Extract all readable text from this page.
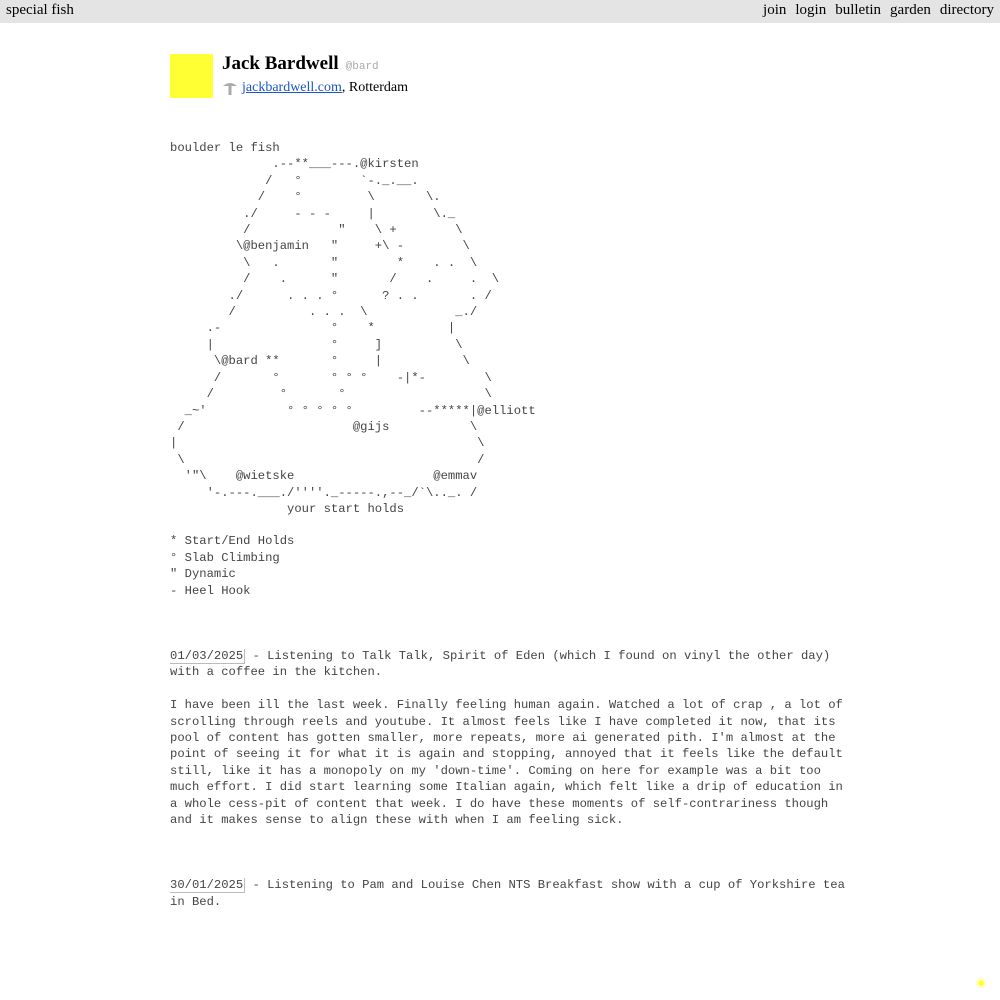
special fish	join login bulletin garden directory
Jack Bardwell @bard
jackbardwell.com ,
Rotterdam
boulder le fish
.--**___---.@kirsten
/   °        `-._.__.
/    °         \       \.
./     - - -     |        \._
/            "    \ +        \
\@benjamin   "     +\ -        \
\   .       "        *    . .  \
/    .      "       /    .     .  \
./      . . . °      ? . .       . /
/          . . .  \            _./
.-               °    *          |
|                °     ]          \
\@bard **       °     |           \
/       °       ° ° °    -|*-        \
/         °       °                   \
_~'           ° ° ° ° °         --*****|@elliott
/                       @gijs           \
|                                         \
\                                        /
'"\    @wietske                   @emmav
'-.---.___./''''._-----.,--_/`\.._. /
your start holds
* Start/End Holds
° Slab Climbing
" Dynamic
- Heel Hook

01/03/2025 - Listening to Talk Talk, Spirit of Eden (which I found on vinyl the other day) with a coffee in the kitchen.

I have been ill the last week. Finally feeling human again. Watched a lot of crap , a lot of scrolling through reels and youtube. It almost feels like I have completed it now, that its pool of content has gotten smaller, more repeats, more ai generated pith. I'm almost at the point of seeing it for what it is again and stopping, annoyed that it feels like the default still, like it has a monopoly on my 'down-time'. Coming on here for example was a bit too much effort. I did start learning some Italian again, which felt like a drip of education in a whole cess-pit of content that week. I do have these moments of self-contrariness though and it makes sense to align these with when I am feeling sick.

30/01/2025 - Listening to Pam and Louise Chen NTS Breakfast show with a cup of Yorkshire tea in Bed.
